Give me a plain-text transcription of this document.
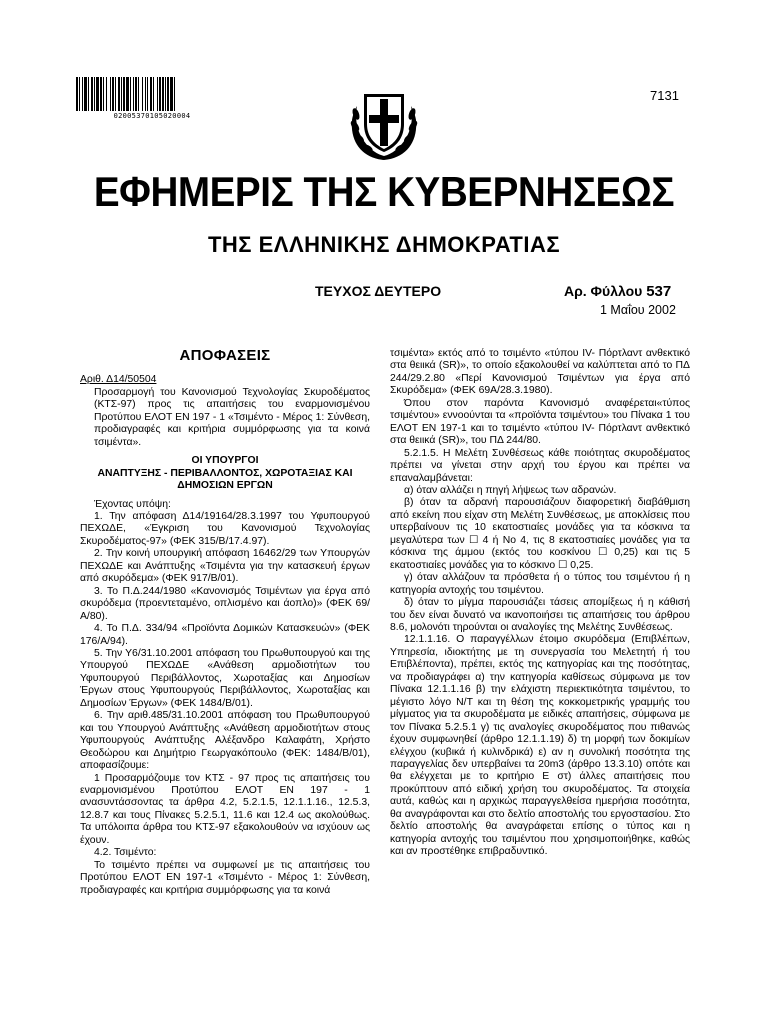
02005370105020004
7131
ΕΦΗΜΕΡΙΣ ΤΗΣ ΚΥΒΕΡΝΗΣΕΩΣ
ΤΗΣ ΕΛΛΗΝΙΚΗΣ ΔΗΜΟΚΡΑΤΙΑΣ
ΤΕΥΧΟΣ ΔΕΥΤΕΡΟ	Αρ. Φύλλου 537
1 Μαΐου 2002
ΑΠΟΦΑΣΕΙΣ

Αριθ. Δ14/50504

Προσαρμογή του Κανονισμού Τεχνολογίας Σκυροδέματος (ΚΤΣ-97) προς τις απαιτήσεις του εναρμονισμένου Προτύπου ΕΛΟΤ ΕΝ 197 - 1 «Τσιμέντο - Μέρος 1: Σύνθεση, προδιαγραφές και κριτήρια συμμόρφωσης για τα κοινά τσιμέντα».

ΟΙ ΥΠΟΥΡΓΟΙ

ΑΝΑΠΤΥΞΗΣ - ΠΕΡΙΒΑΛΛΟΝΤΟΣ, ΧΩΡΟΤΑΞΙΑΣ ΚΑΙ ΔΗΜΟΣΙΩΝ ΕΡΓΩΝ

Έχοντας υπόψη:

1. Την απόφαση Δ14/19164/28.3.1997 του Υφυπουργού ΠΕΧΩΔΕ, «Έγκριση του Κανονισμού Τεχνολογίας Σκυροδέματος-97» (ΦΕΚ 315/Β/17.4.97).

2. Την κοινή υπουργική απόφαση 16462/29 των Υπουργών ΠΕΧΩΔΕ και Ανάπτυξης «Τσιμέντα για την κατασκευή έργων από σκυρόδεμα» (ΦΕΚ 917/Β/01).

3. Το Π.Δ.244/1980 «Κανονισμός Τσιμέντων για έργα από σκυρόδεμα (προεντεταμένο, οπλισμένο και άοπλο)» (ΦΕΚ 69/Α/80).

4. Το Π.Δ. 334/94 «Προϊόντα Δομικών Κατασκευών» (ΦΕΚ 176/Α/94).

5. Την Υ6/31.10.2001 απόφαση του Πρωθυπουργού και της Υπουργού ΠΕΧΩΔΕ «Ανάθεση αρμοδιοτήτων του Υφυπουργού Περιβάλλοντος, Χωροταξίας και Δημοσίων Έργων στους Υφυπουργούς Περιβάλλοντος, Χωροταξίας και Δημοσίων Έργων» (ΦΕΚ 1484/Β/01).

6. Την αριθ.485/31.10.2001 απόφαση του Πρωθυπουργού και του Υπουργού Ανάπτυξης «Ανάθεση αρμοδιοτήτων στους Υφυπουργούς Ανάπτυξης Αλέξανδρο Καλαφάτη, Χρήστο Θεοδώρου και Δημήτριο Γεωργακόπουλο (ΦΕΚ: 1484/Β/01), αποφασίζουμε:

1 Προσαρμόζουμε τον ΚΤΣ - 97 προς τις απαιτήσεις του εναρμονισμένου Προτύπου ΕΛΟΤ ΕΝ 197 - 1 ανασυντάσσοντας τα άρθρα 4.2, 5.2.1.5, 12.1.1.16., 12.5.3, 12.8.7 και τους Πίνακες 5.2.5.1, 11.6 και 12.4 ως ακολούθως. Τα υπόλοιπα άρθρα του ΚΤΣ-97 εξακολουθούν να ισχύουν ως έχουν.

4.2. Τσιμέντο:

Το τσιμέντο πρέπει να συμφωνεί με τις απαιτήσεις του Προτύπου ΕΛΟΤ ΕΝ 197-1 «Τσιμέντο - Μέρος 1: Σύνθεση, προδιαγραφές και κριτήρια συμμόρφωσης για τα κοινά

τσιμέντα» εκτός από το τσιμέντο «τύπου IV- Πόρτλαντ ανθεκτικό στα θειικά (SR)», το οποίο εξακολουθεί να καλύπτεται από το ΠΔ 244/29.2.80 «Περί Κανονισμού Τσιμέντων για έργα από Σκυρόδεμα» (ΦΕΚ 69Α/28.3.1980).

Όπου στον παρόντα Κανονισμό αναφέρεται«τύπος τσιμέντου» εννοούνται τα «προϊόντα τσιμέντου» του Πίνακα 1 του ΕΛΟΤ ΕΝ 197-1 και το τσιμέντο «τύπου IV- Πόρτλαντ ανθεκτικό στα θειικά (SR)», του ΠΔ 244/80.

5.2.1.5. Η Μελέτη Συνθέσεως κάθε ποιότητας σκυροδέματος πρέπει να γίνεται στην αρχή του έργου και πρέπει να επαναλαμβάνεται:

α) όταν αλλάζει η πηγή λήψεως των αδρανών.

β) όταν τα αδρανή παρουσιάζουν διαφορετική διαβάθμιση από εκείνη που είχαν στη Μελέτη Συνθέσεως, με αποκλίσεις που υπερβαίνουν τις 10 εκατοστιαίες μονάδες για τα κόσκινα τα μεγαλύτερα των ☐ 4 ή Νο 4, τις 8 εκατοστιαίες μονάδες για τα κόσκινα της άμμου (εκτός του κοσκίνου ☐ 0,25) και τις 5 εκατοστιαίες μονάδες για το κόσκινο ☐ 0,25.

γ) όταν αλλάζουν τα πρόσθετα ή ο τύπος του τσιμέντου ή η κατηγορία αντοχής του τσιμέντου.

δ) όταν το μίγμα παρουσιάζει τάσεις απομίξεως ή η κάθισή του δεν είναι δυνατό να ικανοποιήσει τις απαιτήσεις του άρθρου 8.6, μολονότι τηρούνται οι αναλογίες της Μελέτης Συνθέσεως.

12.1.1.16. Ο παραγγέλλων έτοιμο σκυρόδεμα (Επιβλέπων, Υπηρεσία, ιδιοκτήτης με τη συνεργασία του Μελετητή ή του Επιβλέποντα), πρέπει, εκτός της κατηγορίας και της ποσότητας, να προδιαγράφει α) την κατηγορία καθίσεως σύμφωνα με τον Πίνακα 12.1.1.16 β) την ελάχιστη περιεκτικότητα τσιμέντου, το μέγιστο λόγο Ν/Τ και τη θέση της κοκκομετρικής γραμμής του μίγματος για τα σκυροδέματα με ειδικές απαιτήσεις, σύμφωνα με τον Πίνακα 5.2.5.1 γ) τις αναλογίες σκυροδέματος που πιθανώς έχουν συμφωνηθεί (άρθρο 12.1.1.19) δ) τη μορφή των δοκιμίων ελέγχου (κυβικά ή κυλινδρικά) ε) αν η συνολική ποσότητα της παραγγελίας δεν υπερβαίνει τα 20m3 (άρθρο 13.3.10) οπότε και θα ελέγχεται με το κριτήριο Ε στ) άλλες απαιτήσεις που προκύπτουν από ειδική χρήση του σκυροδέματος. Τα στοιχεία αυτά, καθώς και η αρχικώς παραγγελθείσα ημερήσια ποσότητα, θα αναγράφονται και στο δελτίο αποστολής του εργοστασίου. Στο δελτίο αποστολής θα αναγράφεται επίσης ο τύπος και η κατηγορία αντοχής του τσιμέντου που χρησιμοποιήθηκε, καθώς και αν προστέθηκε επιβραδυντικό.
